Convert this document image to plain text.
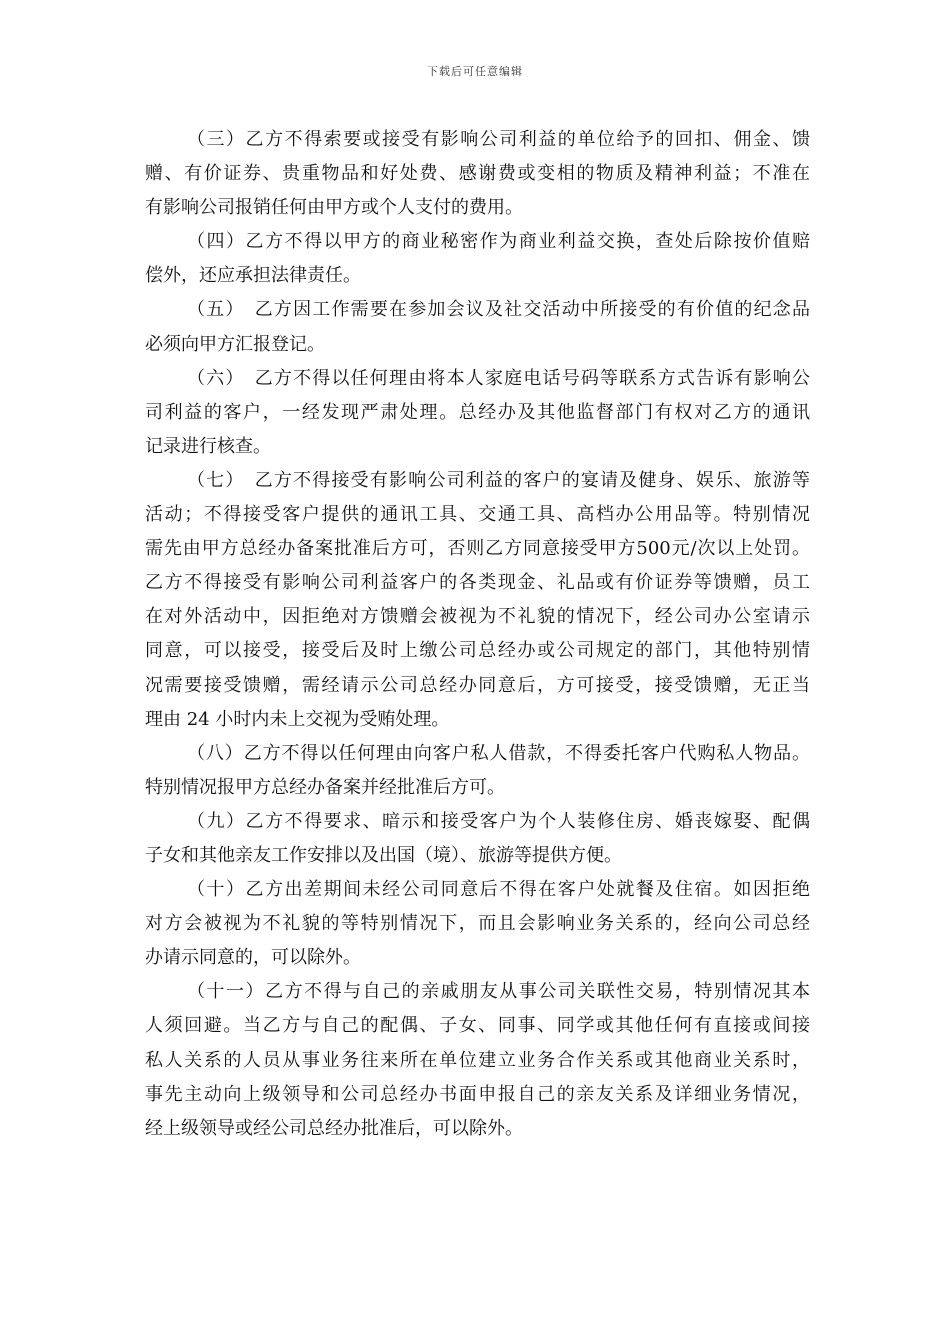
下载后可任意编辑
（三）乙方不得索要或接受有影响公司利益的单位给予的回扣、佣金、馈
赠、有价证券、贵重物品和好处费、感谢费或变相的物质及精神利益；不准在
有影响公司报销任何由甲方或个人支付的费用。
（四）乙方不得以甲方的商业秘密作为商业利益交换，查处后除按价值赔
偿外，还应承担法律责任。
（五）　乙方因工作需要在参加会议及社交活动中所接受的有价值的纪念品
必须向甲方汇报登记。
（六）　乙方不得以任何理由将本人家庭电话号码等联系方式告诉有影响公
司利益的客户，一经发现严肃处理。总经办及其他监督部门有权对乙方的通讯
记录进行核查。
（七）　乙方不得接受有影响公司利益的客户的宴请及健身、娱乐、旅游等
活动；不得接受客户提供的通讯工具、交通工具、高档办公用品等。特别情况
需先由甲方总经办备案批准后方可，否则乙方同意接受甲方500元/次以上处罚。
乙方不得接受有影响公司利益客户的各类现金、礼品或有价证券等馈赠，员工
在对外活动中，因拒绝对方馈赠会被视为不礼貌的情况下，经公司办公室请示
同意，可以接受，接受后及时上缴公司总经办或公司规定的部门，其他特别情
况需要接受馈赠，需经请示公司总经办同意后，方可接受，接受馈赠，无正当
理由 24 小时内未上交视为受贿处理。
（八）乙方不得以任何理由向客户私人借款，不得委托客户代购私人物品。
特别情况报甲方总经办备案并经批准后方可。
（九）乙方不得要求、暗示和接受客户为个人装修住房、婚丧嫁娶、配偶
子女和其他亲友工作安排以及出国（境）、旅游等提供方便。
（十）乙方出差期间未经公司同意后不得在客户处就餐及住宿。如因拒绝
对方会被视为不礼貌的等特别情况下，而且会影响业务关系的，经向公司总经
办请示同意的，可以除外。
（十一）乙方不得与自己的亲戚朋友从事公司关联性交易，特别情况其本
人须回避。当乙方与自己的配偶、子女、同事、同学或其他任何有直接或间接
私人关系的人员从事业务往来所在单位建立业务合作关系或其他商业关系时，
事先主动向上级领导和公司总经办书面申报自己的亲友关系及详细业务情况，
经上级领导或经公司总经办批准后，可以除外。
